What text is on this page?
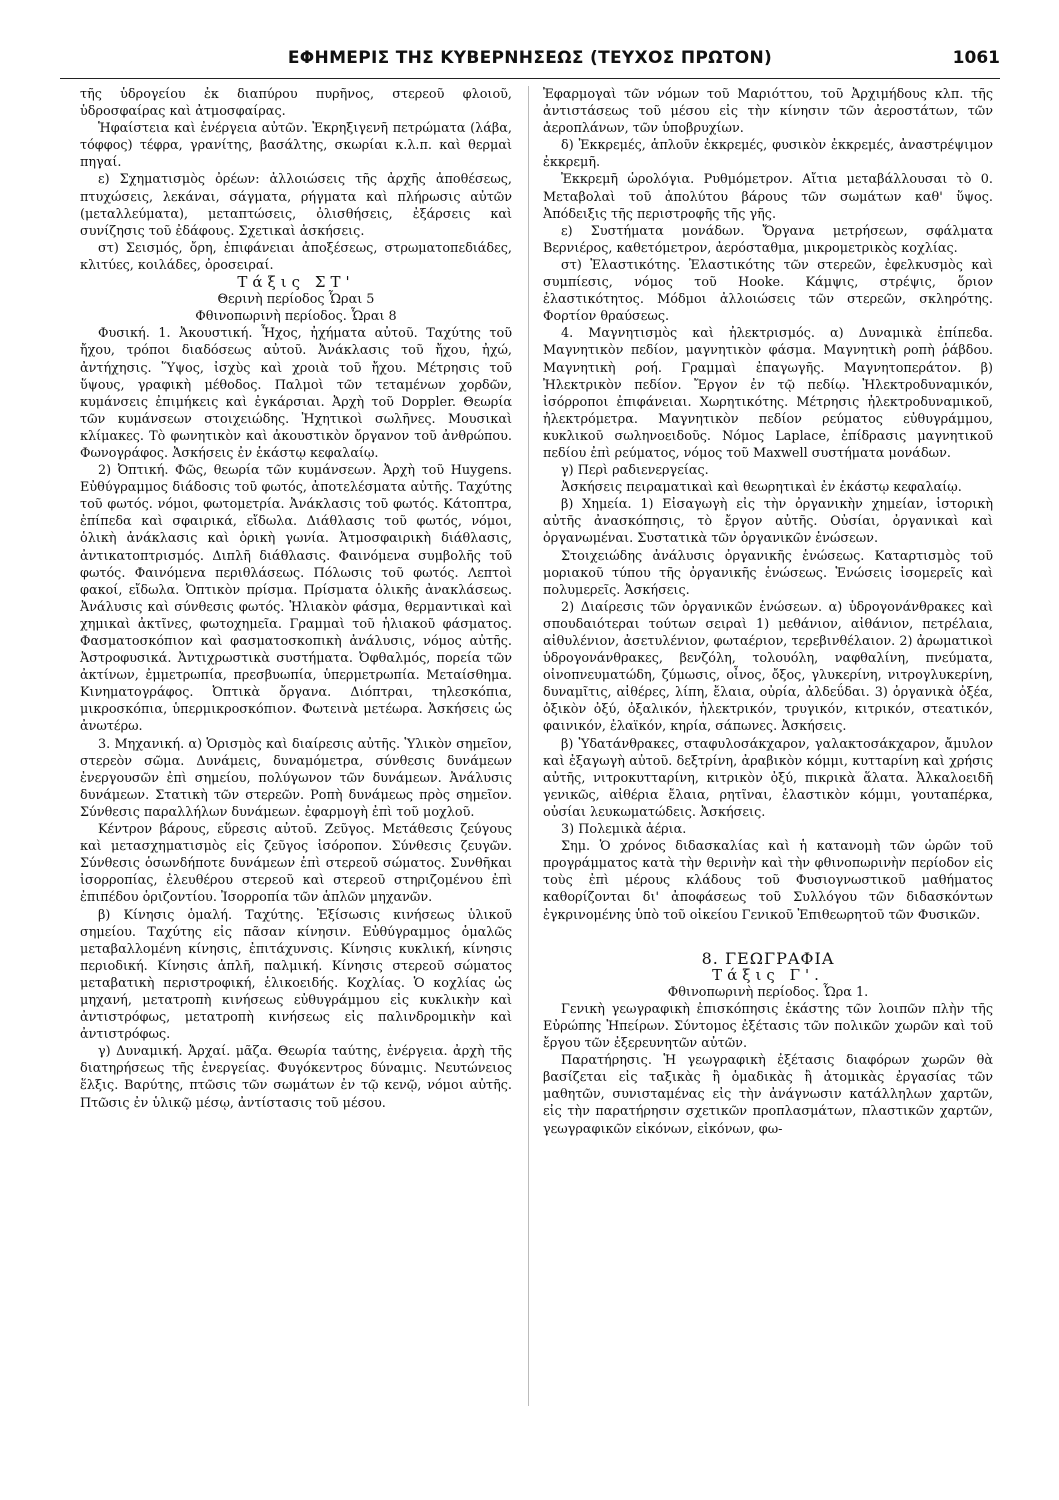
ΕΦΗΜΕΡΙΣ ΤΗΣ ΚΥΒΕΡΝΗΣΕΩΣ (ΤΕΥΧΟΣ ΠΡΩΤΟΝ)	1061

τῆς ὑδρογείου ἐκ διαπύρου πυρῆνος, στερεοῦ φλοιοῦ, ὑδροσφαίρας καὶ ἀτμοσφαίρας.

Ἡφαίστεια καὶ ἐνέργεια αὐτῶν. Ἐκρηξιγενῆ πετρώματα (λάβα, τόφφος) τέφρα, γρανίτης, βασάλτης, σκωρίαι κ.λ.π. καὶ θερμαὶ πηγαί.

ε) Σχηματισμὸς ὀρέων: ἀλλοιώσεις τῆς ἀρχῆς ἀποθέσεως, πτυχώσεις, λεκάναι, σάγματα, ρήγματα καὶ πλήρωσις αὐτῶν (μεταλλεύματα), μεταπτώσεις, ὀλισθήσεις, ἐξάρσεις καὶ συνίζησις τοῦ ἐδάφους. Σχετικαὶ ἀσκήσεις.

στ) Σεισμός, ὄρη, ἐπιφάνειαι ἀποξέσεως, στρωματοπεδιάδες, κλιτύες, κοιλάδες, ὀροσειραί.

Τάξις ΣΤ'

Θερινὴ περίοδος Ὧραι 5

Φθινοπωρινὴ περίοδος. Ὧραι 8

Φυσική. 1. Ἀκουστική. Ἦχος, ἠχήματα αὐτοῦ. Ταχύτης τοῦ ἤχου, τρόποι διαδόσεως αὐτοῦ. Ἀνάκλασις τοῦ ἤχου, ἠχώ, ἀντήχησις. Ὕψος, ἰσχὺς καὶ χροιὰ τοῦ ἤχου. Μέτρησις τοῦ ὕψους, γραφικὴ μέθοδος. Παλμοὶ τῶν τεταμένων χορδῶν, κυμάνσεις ἐπιμήκεις καὶ ἐγκάρσιαι. Ἀρχὴ τοῦ Doppler. Θεωρία τῶν κυμάνσεων στοιχειώδης. Ἠχητικοὶ σωλῆνες. Μουσικαὶ κλίμακες. Τὸ φωνητικὸν καὶ ἀκουστικὸν ὄργανον τοῦ ἀνθρώπου. Φωνογράφος. Ἀσκήσεις ἐν ἑκάστῳ κεφαλαίῳ.

2) Ὀπτική. Φῶς, θεωρία τῶν κυμάνσεων. Ἀρχὴ τοῦ Huygens. Εὐθύγραμμος διάδοσις τοῦ φωτός, ἀποτελέσματα αὐτῆς. Ταχύτης τοῦ φωτός. νόμοι, φωτομετρία. Ἀνάκλασις τοῦ φωτός. Κάτοπτρα, ἐπίπεδα καὶ σφαιρικά, εἴδωλα. Διάθλασις τοῦ φωτός, νόμοι, ὁλικὴ ἀνάκλασις καὶ ὁρικὴ γωνία. Ἀτμοσφαιρικὴ διάθλασις, ἀντικατοπτρισμός. Διπλῆ διάθλασις. Φαινόμενα συμβολῆς τοῦ φωτός. Φαινόμενα περιθλάσεως. Πόλωσις τοῦ φωτός. Λεπτοὶ φακοί, εἴδωλα. Ὀπτικὸν πρίσμα. Πρίσματα ὁλικῆς ἀνακλάσεως. Ἀνάλυσις καὶ σύνθεσις φωτός. Ἡλιακὸν φάσμα, θερμαντικαὶ καὶ χημικαὶ ἀκτῖνες, φωτοχημεῖα. Γραμμαὶ τοῦ ἡλιακοῦ φάσματος. Φασματοσκόπιον καὶ φασματοσκοπικὴ ἀνάλυσις, νόμος αὐτῆς. Ἀστροφυσικά. Ἀντιχρωστικὰ συστήματα. Ὀφθαλμός, πορεία τῶν ἀκτίνων, ἐμμετρωπία, πρεσβυωπία, ὑπερμετρωπία. Μεταίσθημα. Κινηματογράφος. Ὀπτικὰ ὄργανα. Διόπτραι, τηλεσκόπια, μικροσκόπια, ὑπερμικροσκόπιον. Φωτεινὰ μετέωρα. Ἀσκήσεις ὡς ἀνωτέρω.

3. Μηχανική. α) Ὁρισμὸς καὶ διαίρεσις αὐτῆς. Ὑλικὸν σημεῖον, στερεὸν σῶμα. Δυνάμεις, δυναμόμετρα, σύνθεσις δυνάμεων ἐνεργουσῶν ἐπὶ σημείου, πολύγωνον τῶν δυνάμεων. Ἀνάλυσις δυνάμεων. Στατικὴ τῶν στερεῶν. Ροπὴ δυνάμεως πρὸς σημεῖον. Σύνθεσις παραλλήλων δυνάμεων. ἐφαρμογὴ ἐπὶ τοῦ μοχλοῦ.

Κέντρον βάρους, εὕρεσις αὐτοῦ. Ζεῦγος. Μετάθεσις ζεύγους καὶ μετασχηματισμὸς εἰς ζεῦγος ἰσόροπον. Σύνθεσις ζευγῶν. Σύνθεσις ὁσωνδήποτε δυνάμεων ἐπὶ στερεοῦ σώματος. Συνθῆκαι ἰσορροπίας, ἐλευθέρου στερεοῦ καὶ στερεοῦ στηριζομένου ἐπὶ ἐπιπέδου ὁριζοντίου. Ἰσορροπία τῶν ἁπλῶν μηχανῶν.

β) Κίνησις ὁμαλή. Ταχύτης. Ἐξίσωσις κινήσεως ὑλικοῦ σημείου. Ταχύτης εἰς πᾶσαν κίνησιν. Εὐθύγραμμος ὁμαλῶς μεταβαλλομένη κίνησις, ἐπιτάχυνσις. Κίνησις κυκλική, κίνησις περιοδική. Κίνησις ἁπλῆ, παλμική. Κίνησις στερεοῦ σώματος μεταβατικὴ περιστροφική, ἑλικοειδής. Κοχλίας. Ὁ κοχλίας ὡς μηχανή, μετατροπὴ κινήσεως εὐθυγράμμου εἰς κυκλικὴν καὶ ἀντιστρόφως, μετατροπὴ κινήσεως εἰς παλινδρομικὴν καὶ ἀντιστρόφως.

γ) Δυναμική. Ἀρχαί. μᾶζα. Θεωρία ταύτης, ἐνέργεια. ἀρχὴ τῆς διατηρήσεως τῆς ἐνεργείας. Φυγόκεντρος δύναμις. Νευτώνειος ἕλξις. Βαρύτης, πτῶσις τῶν σωμάτων ἐν τῷ κενῷ, νόμοι αὐτῆς. Πτῶσις ἐν ὑλικῷ μέσῳ, ἀντίστασις τοῦ μέσου.

Ἐφαρμογαὶ τῶν νόμων τοῦ Μαριόττου, τοῦ Ἀρχιμήδους κλπ. τῆς ἀντιστάσεως τοῦ μέσου εἰς τὴν κίνησιν τῶν ἀεροστάτων, τῶν ἀεροπλάνων, τῶν ὑποβρυχίων.

δ) Ἐκκρεμές, ἁπλοῦν ἐκκρεμές, φυσικὸν ἐκκρεμές, ἀναστρέψιμον ἐκκρεμῆ.

Ἐκκρεμῆ ὡρολόγια. Ρυθμόμετρον. Αἴτια μεταβάλλουσαι τὸ 0. Μεταβολαὶ τοῦ ἀπολύτου βάρους τῶν σωμάτων καθ' ὕψος. Ἀπόδειξις τῆς περιστροφῆς τῆς γῆς.

ε) Συστήματα μονάδων. Ὄργανα μετρήσεων, σφάλματα Βερνιέρος, καθετόμετρον, ἀερόσταθμα, μικρομετρικὸς κοχλίας.

στ) Ἐλαστικότης. Ἐλαστικότης τῶν στερεῶν, ἐφελκυσμὸς καὶ συμπίεσις, νόμος τοῦ Hooke. Κάμψις, στρέψις, ὅριον ἐλαστικότητος. Μόδμοι ἀλλοιώσεις τῶν στερεῶν, σκληρότης. Φορτίον θραύσεως.

4. Μαγνητισμὸς καὶ ἠλεκτρισμός. α) Δυναμικὰ ἐπίπεδα. Μαγνητικὸν πεδίον, μαγνητικὸν φάσμα. Μαγνητικὴ ροπὴ ῥάβδου. Μαγνητικὴ ροή. Γραμμαὶ ἐπαγωγῆς. Μαγνητοπεράτον. β) Ἠλεκτρικὸν πεδίον. Ἔργον ἐν τῷ πεδίῳ. Ἠλεκτροδυναμικόν, ἰσόρροποι ἐπιφάνειαι. Χωρητικότης. Μέτρησις ἠλεκτροδυναμικοῦ, ἠλεκτρόμετρα. Μαγνητικὸν πεδίον ρεύματος εὐθυγράμμου, κυκλικοῦ σωληνοειδοῦς. Νόμος Laplace, ἐπίδρασις μαγνητικοῦ πεδίου ἐπὶ ρεύματος, νόμος τοῦ Maxwell συστήματα μονάδων.

γ) Περὶ ραδιενεργείας.

Ἀσκήσεις πειραματικαὶ καὶ θεωρητικαὶ ἐν ἑκάστῳ κεφαλαίῳ.

β) Χημεία. 1) Εἰσαγωγὴ εἰς τὴν ὀργανικὴν χημείαν, ἱστορικὴ αὐτῆς ἀνασκόπησις, τὸ ἔργον αὐτῆς. Οὐσίαι, ὀργανικαὶ καὶ ὀργανωμέναι. Συστατικὰ τῶν ὀργανικῶν ἑνώσεων.

Στοιχειώδης ἀνάλυσις ὀργανικῆς ἑνώσεως. Καταρτισμὸς τοῦ μοριακοῦ τύπου τῆς ὀργανικῆς ἑνώσεως. Ἑνώσεις ἰσομερεῖς καὶ πολυμερεῖς. Ἀσκήσεις.

2) Διαίρεσις τῶν ὀργανικῶν ἑνώσεων. α) ὑδρογονάνθρακες καὶ σπουδαιότεραι τούτων σειραὶ 1) μεθάνιον, αἰθάνιον, πετρέλαια, αἰθυλένιον, ἀσετυλένιον, φωταέριον, τερεβινθέλαιον. 2) ἀρωματικοὶ ὑδρογονάνθρακες, βενζόλη, τολουόλη, ναφθαλίνη, πνεύματα, οἰνοπνευματώδη, ζύμωσις, οἶνος, ὄξος, γλυκερίνη, νιτρογλυκερίνη, δυναμῖτις, αἰθέρες, λίπη, ἔλαια, οὐρία, ἀλδεΰδαι. 3) ὀργανικὰ ὀξέα, ὀξικὸν ὀξύ, ὀξαλικόν, ἠλεκτρικόν, τρυγικόν, κιτρικόν, στεατικόν, φαινικόν, ἐλαϊκόν, κηρία, σάπωνες. Ἀσκήσεις.

β) Ὑδατάνθρακες, σταφυλοσάκχαρον, γαλακτοσάκχαρον, ἄμυλον καὶ ἐξαγωγὴ αὐτοῦ. δεξτρίνη, ἀραβικὸν κόμμι, κυτταρίνη καὶ χρήσις αὐτῆς, νιτροκυτταρίνη, κιτρικὸν ὀξύ, πικρικὰ ἅλατα. Ἀλκαλοειδῆ γενικῶς, αἰθέρια ἔλαια, ρητῖναι, ἐλαστικὸν κόμμι, γουταπέρκα, οὐσίαι λευκωματώδεις. Ἀσκήσεις.

3) Πολεμικὰ ἀέρια.

Σημ. Ὁ χρόνος διδασκαλίας καὶ ἡ κατανομὴ τῶν ὡρῶν τοῦ προγράμματος κατὰ τὴν θερινὴν καὶ τὴν φθινοπωρινὴν περίοδον εἰς τοὺς ἐπὶ μέρους κλάδους τοῦ Φυσιογνωστικοῦ μαθήματος καθορίζονται δι' ἀποφάσεως τοῦ Συλλόγου τῶν διδασκόντων ἐγκρινομένης ὑπὸ τοῦ οἰκείου Γενικοῦ Ἐπιθεωρητοῦ τῶν Φυσικῶν.

8. ΓΕΩΓΡΑΦΙΑ

Τάξις Γ'.

Φθινοπωρινὴ περίοδος. Ὧρα 1.

Γενικὴ γεωγραφικὴ ἐπισκόπησις ἑκάστης τῶν λοιπῶν πλὴν τῆς Εὐρώπης Ἠπείρων. Σύντομος ἐξέτασις τῶν πολικῶν χωρῶν καὶ τοῦ ἔργου τῶν ἐξερευνητῶν αὐτῶν.

Παρατήρησις. Ἡ γεωγραφικὴ ἐξέτασις διαφόρων χωρῶν θὰ βασίζεται εἰς ταξικὰς ἢ ὁμαδικὰς ἢ ἀτομικὰς ἐργασίας τῶν μαθητῶν, συνισταμένας εἰς τὴν ἀνάγνωσιν κατάλληλων χαρτῶν, εἰς τὴν παρατήρησιν σχετικῶν προπλασμάτων, πλαστικῶν χαρτῶν, γεωγραφικῶν εἰκόνων, εἰκόνων, φω-
